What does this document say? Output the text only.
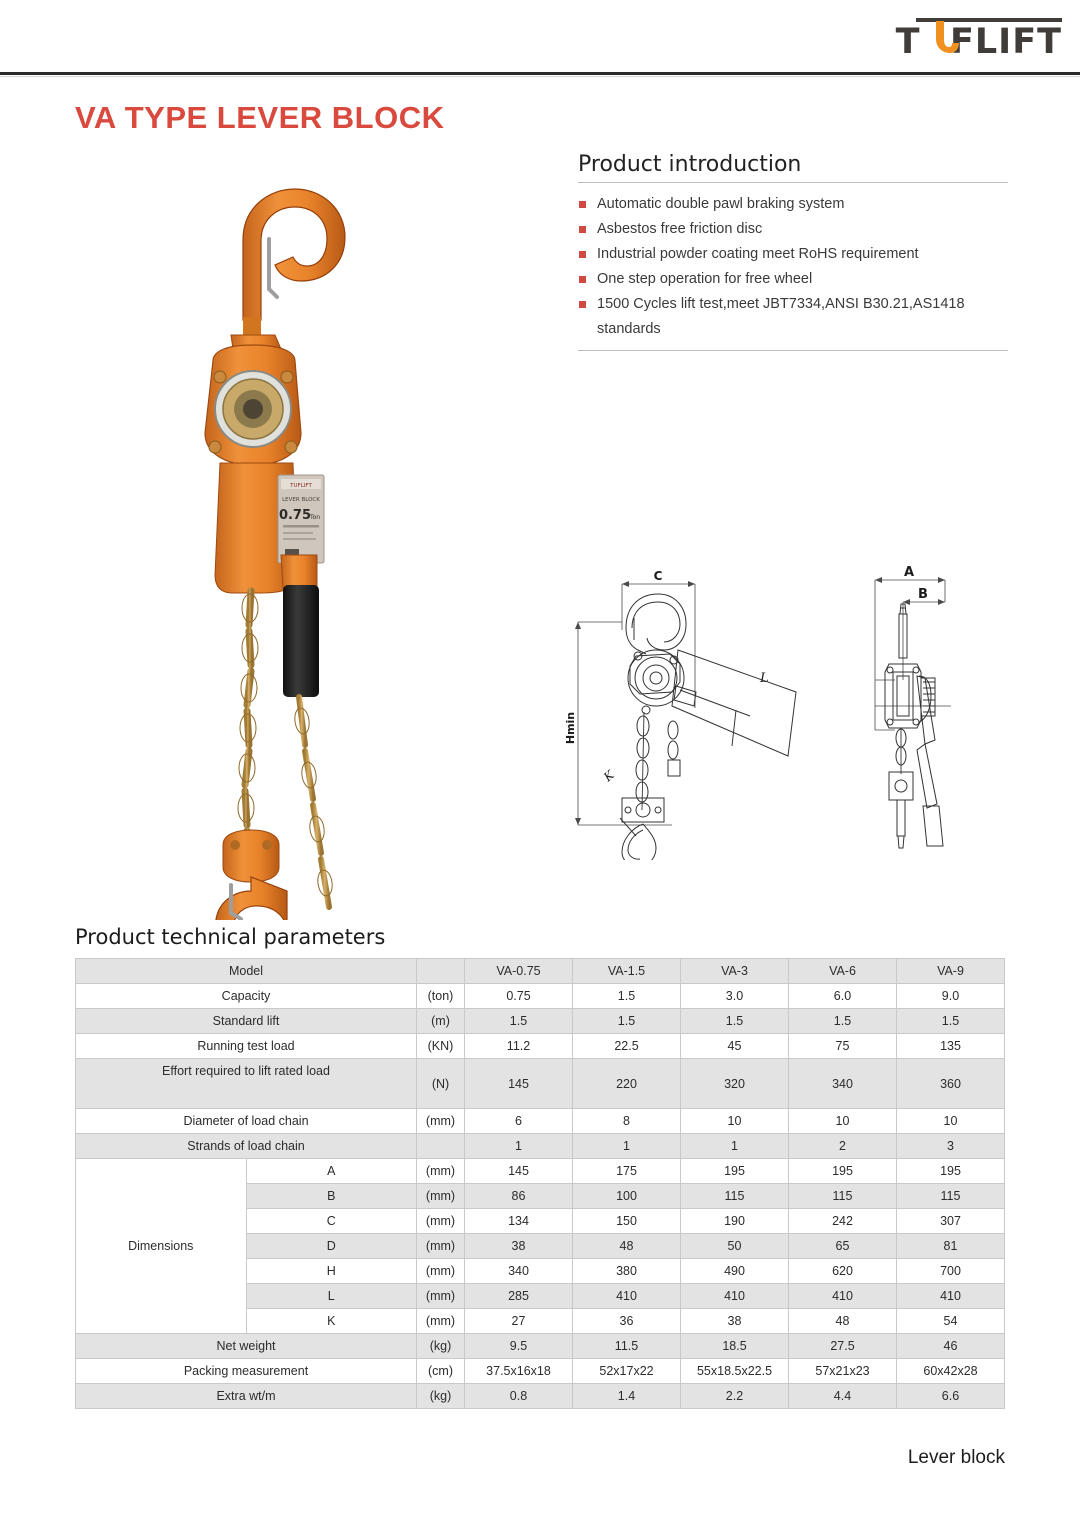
T FLIFT
VA TYPE LEVER BLOCK
TUFLIFT
LEVER BLOCK
0.75
Ton
Product introduction
Automatic double pawl braking system
Asbestos free friction disc
Industrial powder coating meet RoHS requirement
One step operation for free wheel
1500 Cycles lift test,meet JBT7334,ANSI B30.21,AS1418 standards
C
Hmin
L
K
A
B
Product technical parameters
Model			VA-0.75	VA-1.5	VA-3	VA-6	VA-9
Capacity		(ton)	0.75	1.5	3.0	6.0	9.0
Standard lift		(m)	1.5	1.5	1.5	1.5	1.5
Running test load		(KN)	11.2	22.5	45	75	135
Effort required to lift rated load		(N)	145	220	320	340	360
Diameter of load chain		(mm)	6	8	10	10	10
Strands of load chain			1	1	1	2	3
Dimensions	A	(mm)	145	175	195	195	195
	B	(mm)	86	100	115	115	115
	C	(mm)	134	150	190	242	307
	D	(mm)	38	48	50	65	81
	H	(mm)	340	380	490	620	700
	L	(mm)	285	410	410	410	410
	K	(mm)	27	36	38	48	54
Net weight		(kg)	9.5	11.5	18.5	27.5	46
Packing measurement		(cm)	37.5x16x18	52x17x22	55x18.5x22.5	57x21x23	60x42x28
Extra wt/m		(kg)	0.8	1.4	2.2	4.4	6.6
Lever block
